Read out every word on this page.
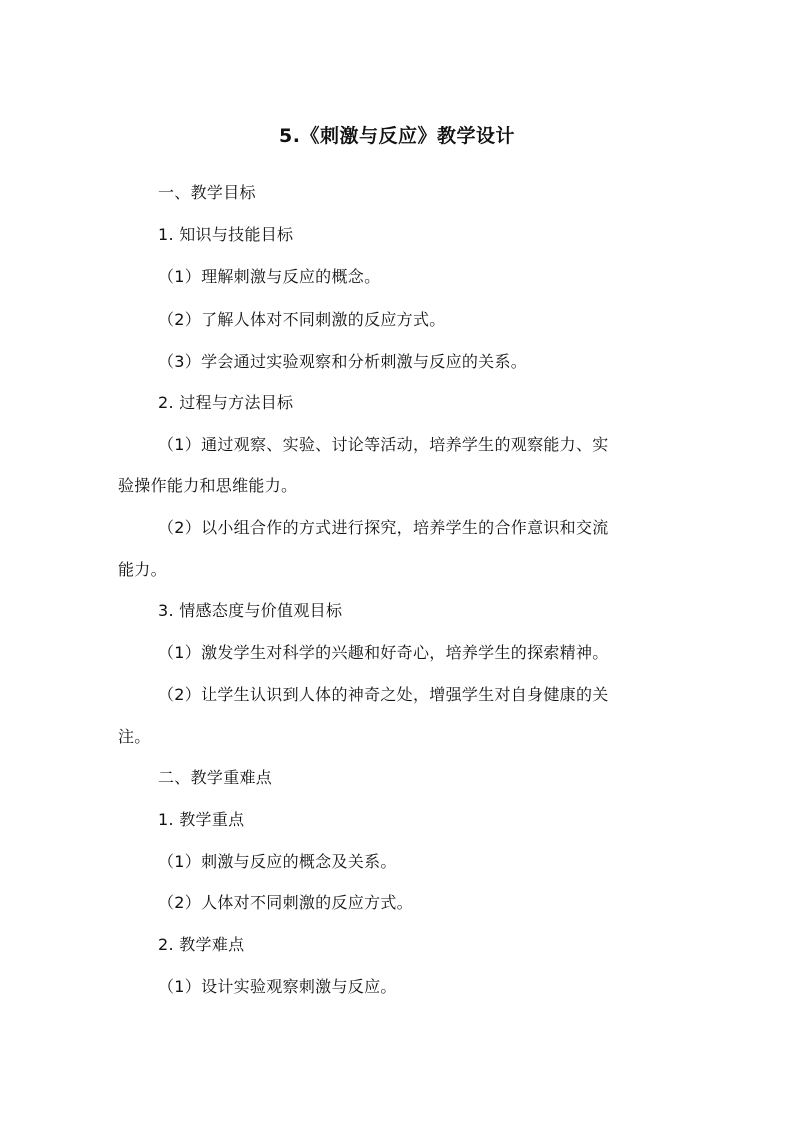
5.《刺激与反应》教学设计
一、教学目标
1. 知识与技能目标
（1）理解刺激与反应的概念。
（2）了解人体对不同刺激的反应方式。
（3）学会通过实验观察和分析刺激与反应的关系。
2. 过程与方法目标
（1）通过观察、实验、讨论等活动，培养学生的观察能力、实
验操作能力和思维能力。
（2）以小组合作的方式进行探究，培养学生的合作意识和交流
能力。
3. 情感态度与价值观目标
（1）激发学生对科学的兴趣和好奇心，培养学生的探索精神。
（2）让学生认识到人体的神奇之处，增强学生对自身健康的关
注。
二、教学重难点
1. 教学重点
（1）刺激与反应的概念及关系。
（2）人体对不同刺激的反应方式。
2. 教学难点
（1）设计实验观察刺激与反应。
